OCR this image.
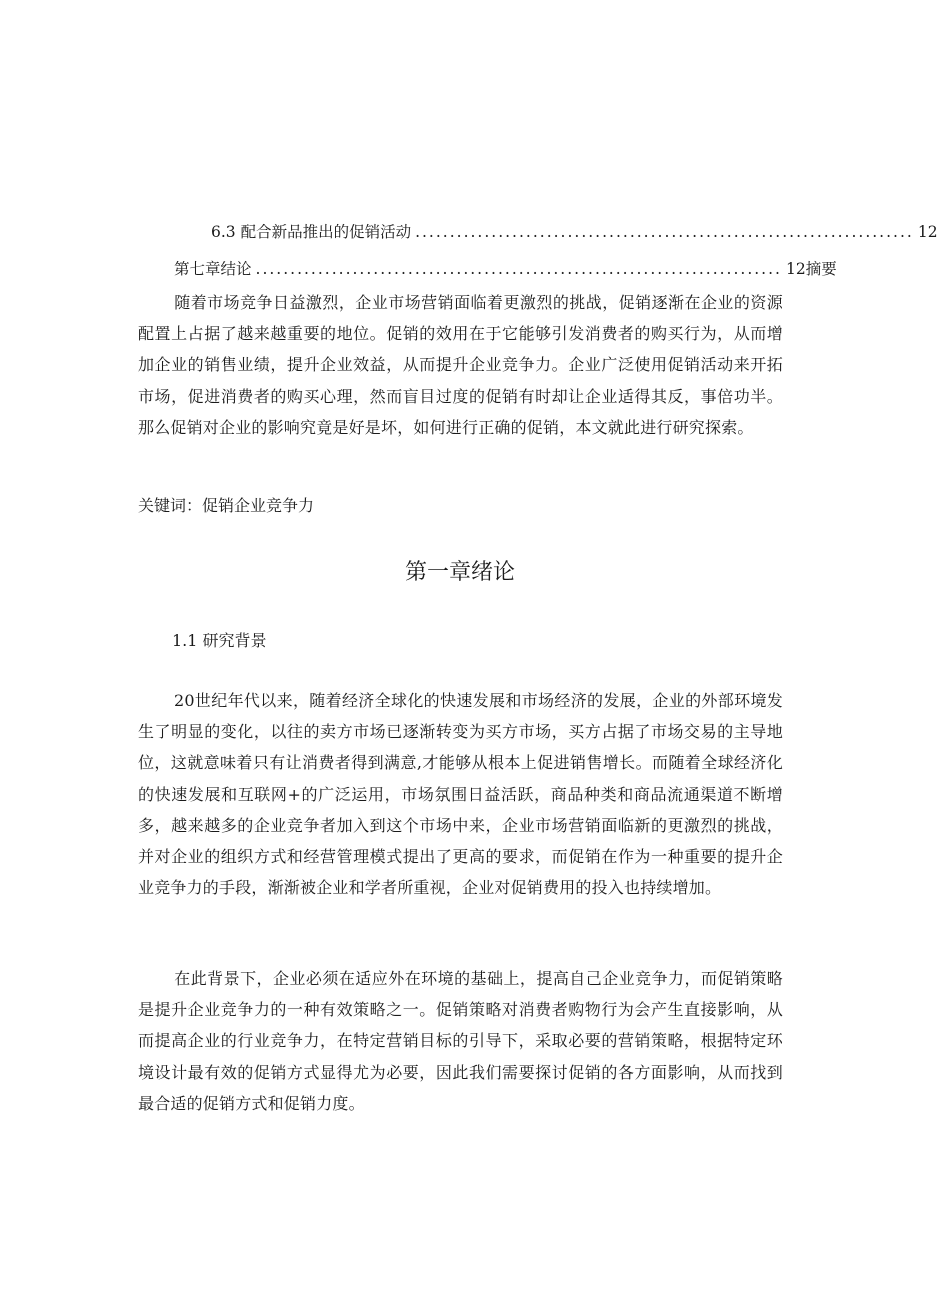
6.3 配合新品推出的促销活动 ........................................................................ 12
第七章结论 ............................................................................ 12 摘要

随着市场竞争日益激烈，企业市场营销面临着更激烈的挑战，促销逐渐在企业的资源配置上占据了越来越重要的地位。促销的效用在于它能够引发消费者的购买行为，从而增加企业的销售业绩，提升企业效益，从而提升企业竞争力。企业广泛使用促销活动来开拓市场，促进消费者的购买心理，然而盲目过度的促销有时却让企业适得其反，事倍功半。那么促销对企业的影响究竟是好是坏，如何进行正确的促销，本文就此进行研究探索。

关键词：促销企业竞争力
第一章绪论
1.1 研究背景

20世纪年代以来，随着经济全球化的快速发展和市场经济的发展，企业的外部环境发生了明显的变化，以往的卖方市场已逐渐转变为买方市场，买方占据了市场交易的主导地位，这就意味着只有让消费者得到满意,才能够从根本上促进销售增长。而随着全球经济化的快速发展和互联网+的广泛运用，市场氛围日益活跃，商品种类和商品流通渠道不断增多，越来越多的企业竞争者加入到这个市场中来，企业市场营销面临新的更激烈的挑战，并对企业的组织方式和经营管理模式提出了更高的要求，而促销在作为一种重要的提升企业竞争力的手段，渐渐被企业和学者所重视，企业对促销费用的投入也持续增加。

在此背景下，企业必须在适应外在环境的基础上，提高自己企业竞争力，而促销策略是提升企业竞争力的一种有效策略之一。促销策略对消费者购物行为会产生直接影响，从而提高企业的行业竞争力，在特定营销目标的引导下，采取必要的营销策略，根据特定环境设计最有效的促销方式显得尤为必要，因此我们需要探讨促销的各方面影响，从而找到最合适的促销方式和促销力度。
